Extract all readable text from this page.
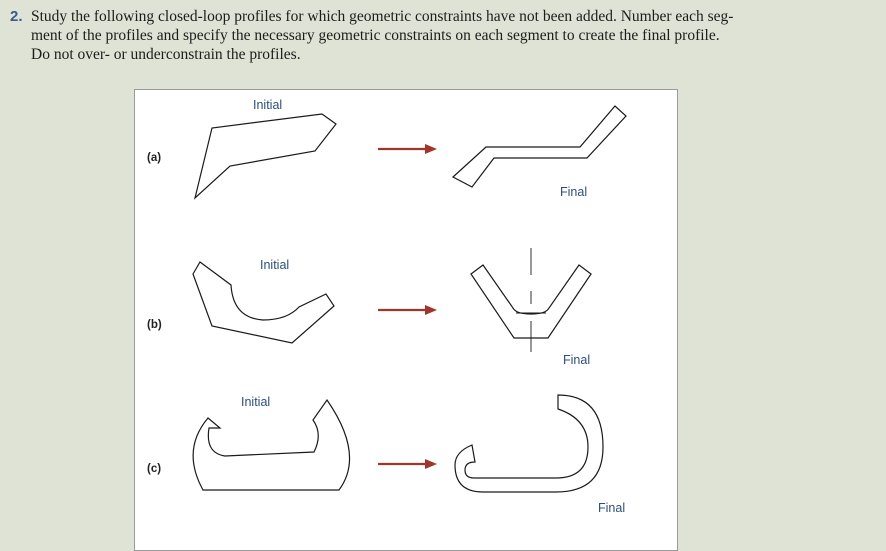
2. Study the following closed-loop profiles for which geometric constraints have not been added. Number each seg-
ment of the profiles and specify the necessary geometric constraints on each segment to create the final profile.
Do not over- or underconstrain the profiles.
(a)
Initial
Final
(b)
Initial
Final
(c)
Initial
Final
